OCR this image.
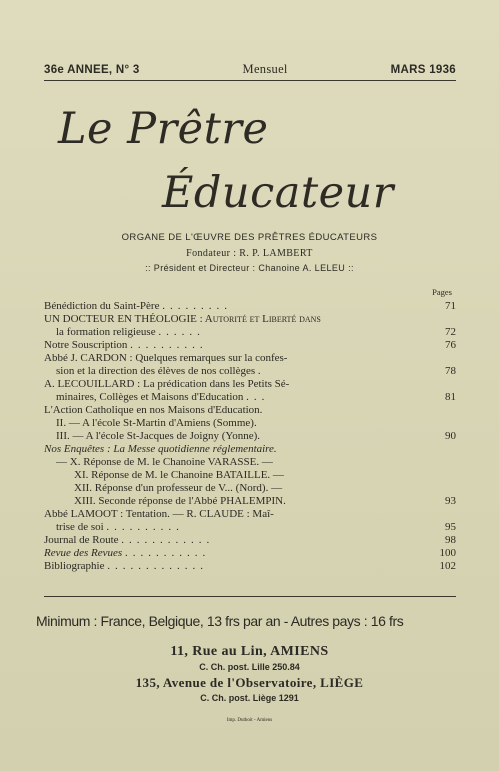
36e ANNEE, N° 3	Mensuel	MARS 1936
Le Prêtre
Éducateur
ORGANE DE L'ŒUVRE DES PRÊTRES ÉDUCATEURS
Fondateur : R. P. LAMBERT
:: Président et Directeur : Chanoine A. LELEU ::
Pages
Bénédiction du Saint-Père .........	71
UN DOCTEUR EN THÉOLOGIE : Autorité et Liberté dans
la formation religieuse ......	72
Notre Souscription ..........	76
Abbé J. CARDON : Quelques remarques sur la confes-
sion et la direction des élèves de nos collèges .	78
A. LECOUILLARD : La prédication dans les Petits Sé-
minaires, Collèges et Maisons d'Education ...	81
L'Action Catholique en nos Maisons d'Education.
II. — A l'école St-Martin d'Amiens (Somme).
III. — A l'école St-Jacques de Joigny (Yonne).	90
Nos Enquêtes : La Messe quotidienne réglementaire.
— X. Réponse de M. le Chanoine VARASSE. —
XI. Réponse de M. le Chanoine BATAILLE. —
XII. Réponse d'un professeur de V... (Nord). —
XIII. Seconde réponse de l'Abbé PHALEMPIN.	93
Abbé LAMOOT : Tentation. — R. CLAUDE : Maî-
trise de soi ..........	95
Journal de Route ............	98
Revue des Revues ...........	100
Bibliographie .............	102
Minimum : France, Belgique, 13 frs par an - Autres pays : 16 frs
11, Rue au Lin, AMIENS
C. Ch. post. Lille 250.84
135, Avenue de l'Observatoire, LIÈGE
C. Ch. post. Liège 1291
Imp. Duthoit - Amiens
